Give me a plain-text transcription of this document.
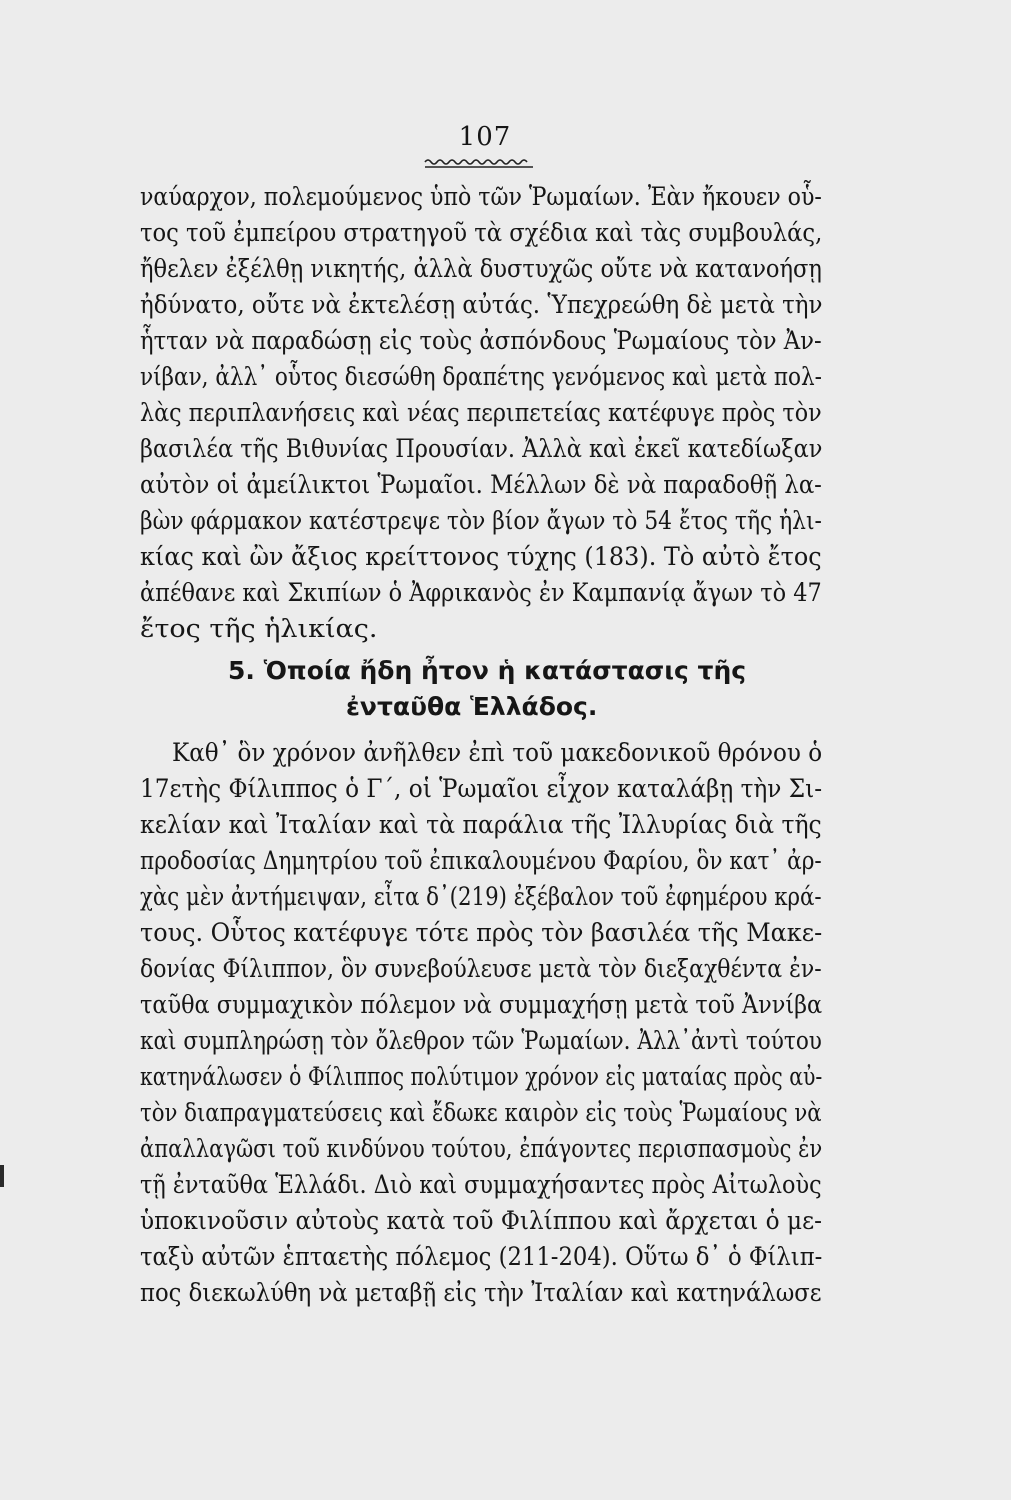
107
ναύαρχον, πολεμούμενος ὑπὸ τῶν Ῥωμαίων. Ἐὰν ἤκουεν οὗ-
τος τοῦ ἐμπείρου στρατηγοῦ τὰ σχέδια καὶ τὰς συμβουλάς,
ἤθελεν ἐξέλθῃ νικητής, ἀλλὰ δυστυχῶς οὔτε νὰ κατανοήσῃ
ἠδύνατο, οὔτε νὰ ἐκτελέσῃ αὐτάς. Ὑπεχρεώθη δὲ μετὰ τὴν
ἧτταν νὰ παραδώσῃ εἰς τοὺς ἀσπόνδους Ῥωμαίους τὸν Ἀν-
νίβαν, ἀλλ᾽ οὗτος διεσώθη δραπέτης γενόμενος καὶ μετὰ πολ-
λὰς περιπλανήσεις καὶ νέας περιπετείας κατέφυγε πρὸς τὸν
βασιλέα τῆς Βιθυνίας Προυσίαν. Ἀλλὰ καὶ ἐκεῖ κατεδίωξαν
αὐτὸν οἱ ἀμείλικτοι Ῥωμαῖοι. Μέλλων δὲ νὰ παραδοθῇ λα-
βὼν φάρμακον κατέστρεψε τὸν βίον ἄγων τὸ 54 ἔτος τῆς ἡλι-
κίας καὶ ὢν ἄξιος κρείττονος τύχης (183). Τὸ αὐτὸ ἔτος
ἀπέθανε καὶ Σκιπίων ὁ Ἀφρικανὸς ἐν Καμπανίᾳ ἄγων τὸ 47
ἔτος τῆς ἡλικίας.
5. Ὁποία ἤδη ἦτον ἡ κατάστασις τῆς
ἐνταῦθα Ἑλλάδος.
Καθ᾽ ὃν χρόνον ἀνῆλθεν ἐπὶ τοῦ μακεδονικοῦ θρόνου ὁ
17ετὴς Φίλιππος ὁ Γ΄, οἱ Ῥωμαῖοι εἶχον καταλάβῃ τὴν Σι-
κελίαν καὶ Ἰταλίαν καὶ τὰ παράλια τῆς Ἰλλυρίας διὰ τῆς
προδοσίας Δημητρίου τοῦ ἐπικαλουμένου Φαρίου, ὃν κατ᾽ ἀρ-
χὰς μὲν ἀντήμειψαν, εἶτα δ᾽(219) ἐξέβαλον τοῦ ἐφημέρου κρά-
τους. Οὗτος κατέφυγε τότε πρὸς τὸν βασιλέα τῆς Μακε-
δονίας Φίλιππον, ὃν συνεβούλευσε μετὰ τὸν διεξαχθέντα ἐν-
ταῦθα συμμαχικὸν πόλεμον νὰ συμμαχήσῃ μετὰ τοῦ Ἀννίβα
καὶ συμπληρώσῃ τὸν ὄλεθρον τῶν Ῥωμαίων. Ἀλλ᾽ἀντὶ τούτου
κατηνάλωσεν ὁ Φίλιππος πολύτιμον χρόνον εἰς ματαίας πρὸς αὐ-
τὸν διαπραγματεύσεις καὶ ἔδωκε καιρὸν εἰς τοὺς Ῥωμαίους νὰ
ἀπαλλαγῶσι τοῦ κινδύνου τούτου, ἐπάγοντες περισπασμοὺς ἐν
τῇ ἐνταῦθα Ἑλλάδι. Διὸ καὶ συμμαχήσαντες πρὸς Αἰτωλοὺς
ὑποκινοῦσιν αὐτοὺς κατὰ τοῦ Φιλίππου καὶ ἄρχεται ὁ με-
ταξὺ αὐτῶν ἑπταετὴς πόλεμος (211-204). Οὕτω δ᾽ ὁ Φίλιπ-
πος διεκωλύθη νὰ μεταβῇ εἰς τὴν Ἰταλίαν καὶ κατηνάλωσε
